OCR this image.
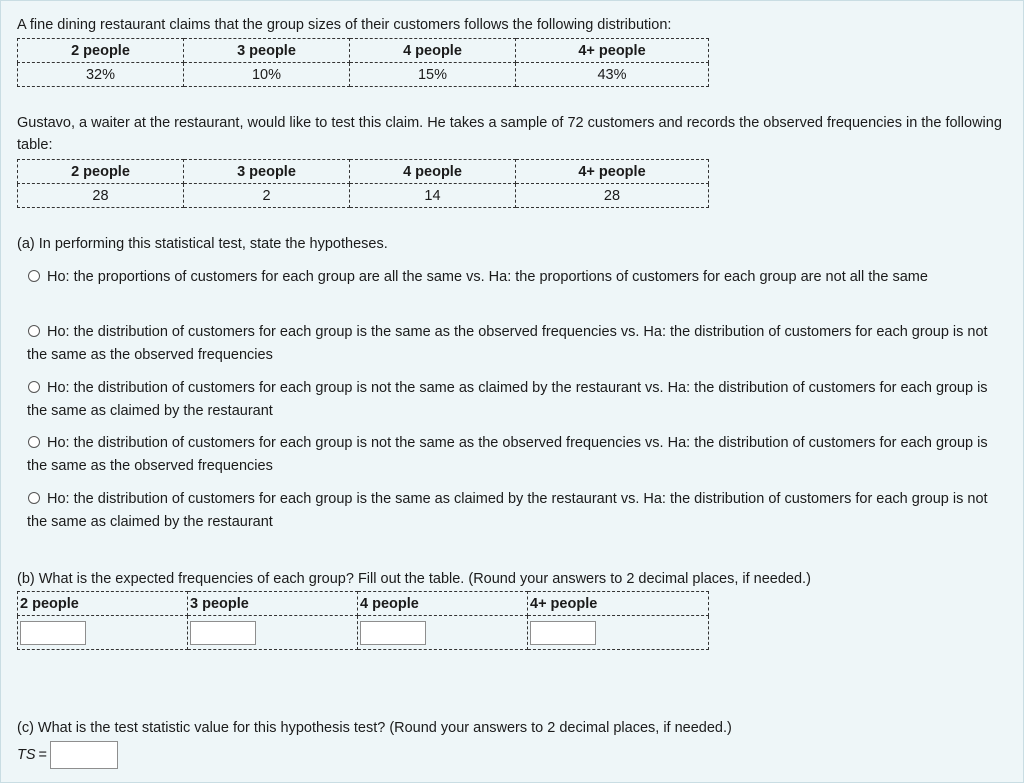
A fine dining restaurant claims that the group sizes of their customers follows the following distribution:

2 people	3 people	4 people	4+ people
32%	10%	15%	43%

Gustavo, a waiter at the restaurant, would like to test this claim. He takes a sample of 72 customers and records the observed frequencies in the following table:

2 people	3 people	4 people	4+ people
28	2	14	28

(a) In performing this statistical test, state the hypotheses.

Ho: the proportions of customers for each group are all the same vs. Ha: the proportions of customers for each group are not all the same

Ho: the distribution of customers for each group is the same as the observed frequencies vs. Ha: the distribution of customers for each group is not the same as the observed frequencies

Ho: the distribution of customers for each group is not the same as claimed by the restaurant vs. Ha: the distribution of customers for each group is the same as claimed by the restaurant

Ho: the distribution of customers for each group is not the same as the observed frequencies vs. Ha: the distribution of customers for each group is the same as the observed frequencies

Ho: the distribution of customers for each group is the same as claimed by the restaurant vs. Ha: the distribution of customers for each group is not the same as claimed by the restaurant

(b) What is the expected frequencies of each group? Fill out the table. (Round your answers to 2 decimal places, if needed.)

2 people	3 people	4 people	4+ people

(c) What is the test statistic value for this hypothesis test? (Round your answers to 2 decimal places, if needed.)

TS =
